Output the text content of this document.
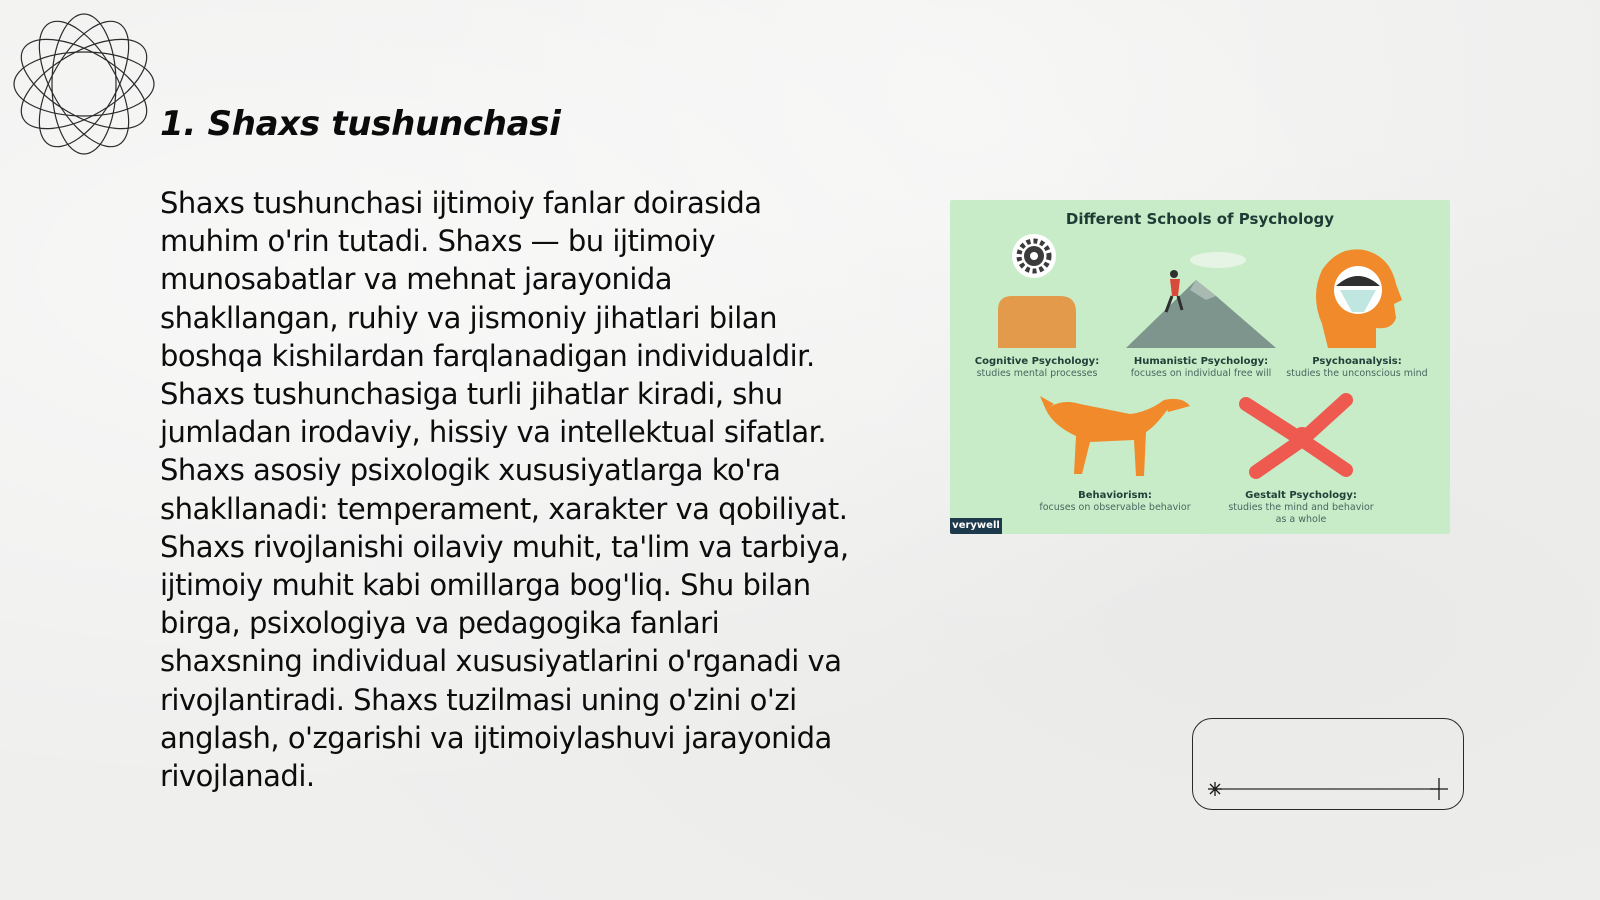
1. Shaxs tushunchasi

Shaxs tushunchasi ijtimoiy fanlar doirasida muhim o'rin tutadi. Shaxs — bu ijtimoiy munosabatlar va mehnat jarayonida shakllangan, ruhiy va jismoniy jihatlari bilan boshqa kishilardan farqlanadigan individualdir. Shaxs tushunchasiga turli jihatlar kiradi, shu jumladan irodaviy, hissiy va intellektual sifatlar. Shaxs asosiy psixologik xususiyatlarga ko'ra shakllanadi: temperament, xarakter va qobiliyat. Shaxs rivojlanishi oilaviy muhit, ta'lim va tarbiya, ijtimoiy muhit kabi omillarga bog'liq. Shu bilan birga, psixologiya va pedagogika fanlari shaxsning individual xususiyatlarini o'rganadi va rivojlantiradi. Shaxs tuzilmasi uning o'zini o'zi anglash, o'zgarishi va ijtimoiylashuvi jarayonida rivojlanadi.

Different Schools of Psychology
Cognitive Psychology:
studies mental processes
Humanistic Psychology:
focuses on individual free will
Psychoanalysis:
studies the unconscious mind
Behaviorism:
focuses on observable behavior
Gestalt Psychology:
studies the mind and behavior
as a whole
verywell
